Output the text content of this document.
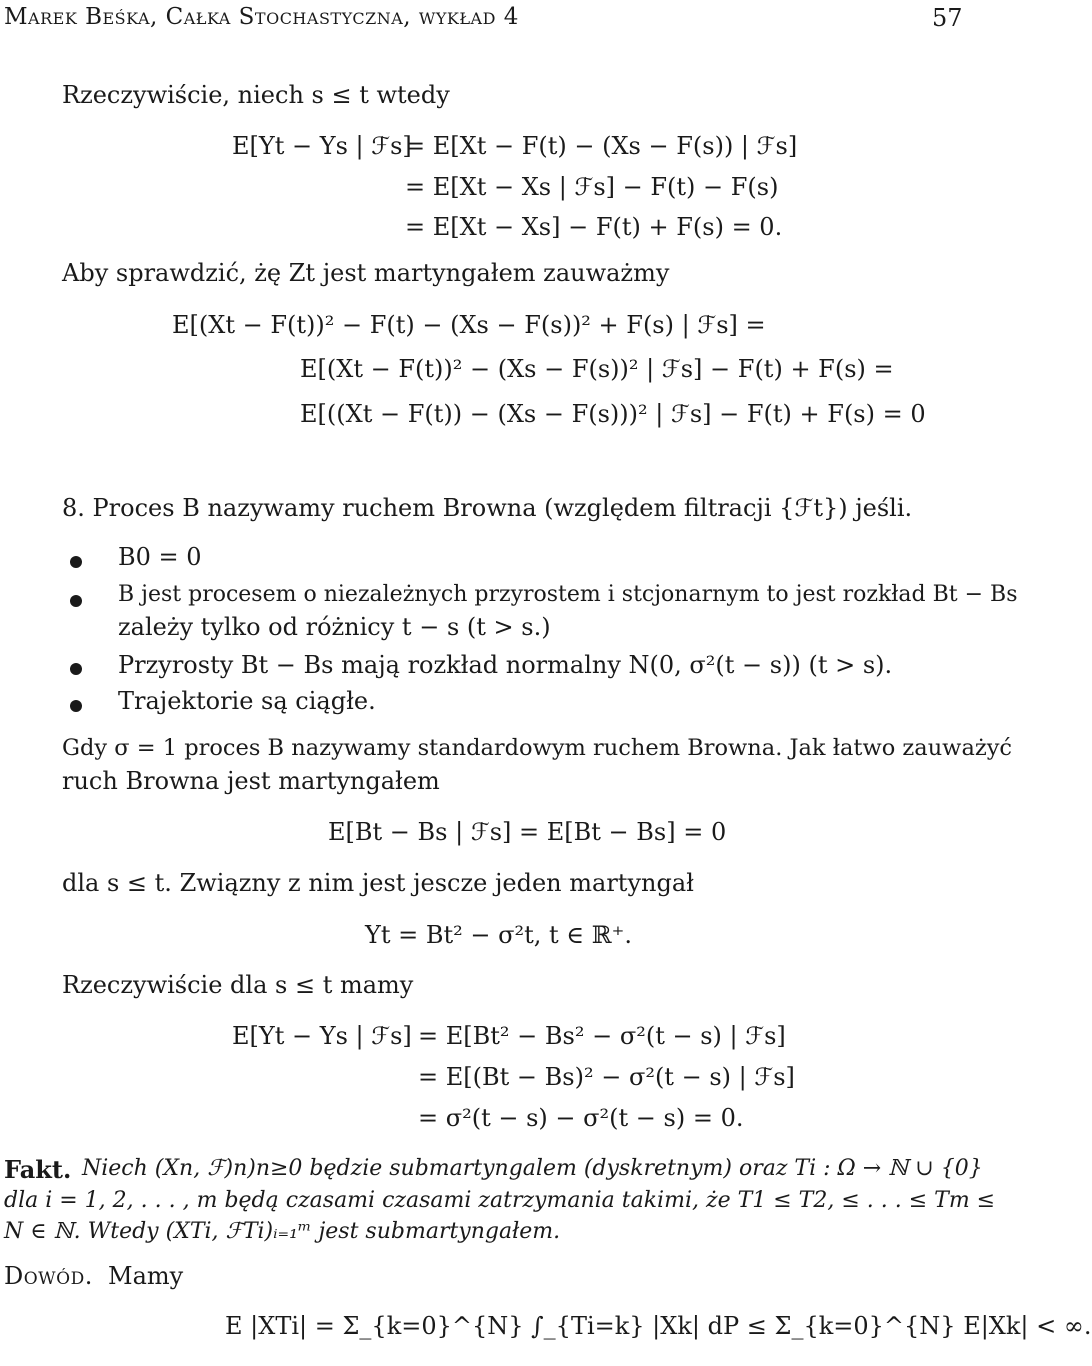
Marek Beśka, Całka Stochastyczna, wykład 4	57
Rzeczywiście, niech s ≤ t wtedy
E[Yt − Ys | ℱs]
= E[Xt − F(t) − (Xs − F(s)) | ℱs]
= E[Xt − Xs | ℱs] − F(t) − F(s)
= E[Xt − Xs] − F(t) + F(s) = 0.
Aby sprawdzić, żę Zt jest martyngałem zauważmy
E[(Xt − F(t))² − F(t) − (Xs − F(s))² + F(s) | ℱs] =
E[(Xt − F(t))² − (Xs − F(s))² | ℱs] − F(t) + F(s) =
E[((Xt − F(t)) − (Xs − F(s)))² | ℱs] − F(t) + F(s) = 0
8. Proces B nazywamy ruchem Browna (względem filtracji {ℱt}) jeśli.
B0 = 0
B jest procesem o niezależnych przyrostem i stcjonarnym to jest rozkład Bt − Bs
zależy tylko od różnicy t − s (t > s.)
Przyrosty Bt − Bs mają rozkład normalny N(0, σ²(t − s)) (t > s).
Trajektorie są ciągłe.
Gdy σ = 1 proces B nazywamy standardowym ruchem Browna. Jak łatwo zauważyć
ruch Browna jest martyngałem
E[Bt − Bs | ℱs] = E[Bt − Bs] = 0
dla s ≤ t. Związny z nim jest jescze jeden martyngał
Yt = Bt² − σ²t, t ∈ ℝ⁺.
Rzeczywiście dla s ≤ t mamy
E[Yt − Ys | ℱs] = E[Bt² − Bs² − σ²(t − s) | ℱs]
= E[(Bt − Bs)² − σ²(t − s) | ℱs]
= σ²(t − s) − σ²(t − s) = 0.
Fakt. Niech (Xn, ℱ)n)n≥0 będzie submartyngalem (dyskretnym) oraz Ti : Ω → ℕ ∪ {0}
dla i = 1, 2, . . . , m będą czasami czasami zatrzymania takimi, że T1 ≤ T2, ≤ . . . ≤ Tm ≤
N ∈ ℕ. Wtedy (XTi, ℱTi)ᵢ₌₁ᵐ jest submartyngałem.
Dowód. Mamy
E |XTi| = Σ_{k=0}^{N} ∫_{Ti=k} |Xk| dP ≤ Σ_{k=0}^{N} E|Xk| < ∞.
